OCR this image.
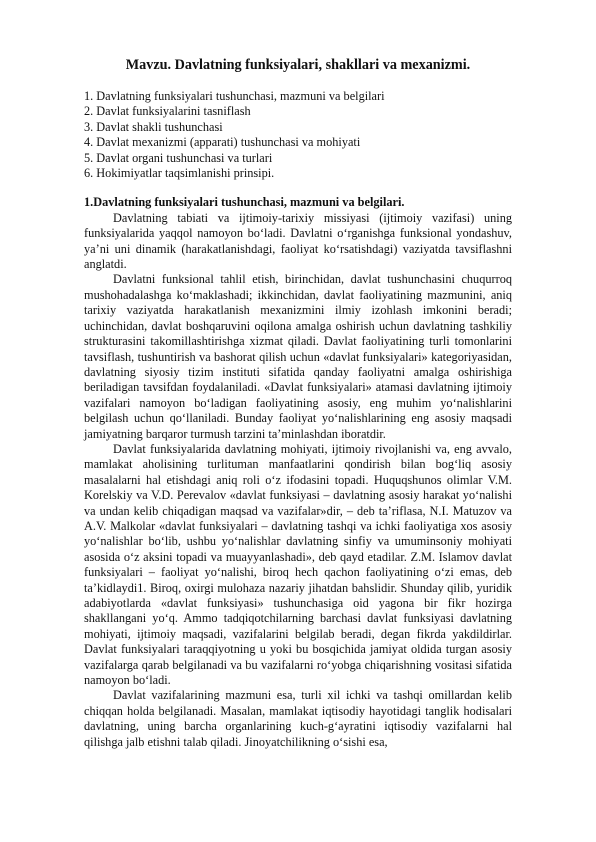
Mavzu. Davlatning funksiyalari, shakllari va mexanizmi.
1. Davlatning funksiyalari tushunchasi, mazmuni va belgilari
2. Davlat funksiyalarini tasniflash
3. Davlat shakli tushunchasi
4. Davlat mexanizmi (apparati) tushunchasi va mohiyati
5. Davlat organi tushunchasi va turlari
6. Hokimiyatlar taqsimlanishi prinsipi.

1.Davlatning funksiyalari tushunchasi, mazmuni va belgilari.

Davlatning tabiati va ijtimoiy-tarixiy missiyasi (ijtimoiy vazifasi) uning funksiyalarida yaqqol namoyon bo‘ladi. Davlatni o‘rganishga funksional yondashuv, ya’ni uni dinamik (harakatlanishdagi, faoliyat ko‘rsatishdagi) vaziyatda tavsiflashni anglatdi.

Davlatni funksional tahlil etish, birinchidan, davlat tushunchasini chuqurroq mushohadalashga ko‘maklashadi; ikkinchidan, davlat faoliyatining mazmunini, aniq tarixiy vaziyatda harakatlanish mexanizmini ilmiy izohlash imkonini beradi; uchinchidan, davlat boshqaruvini oqilona amalga oshirish uchun davlatning tashkiliy strukturasini takomillashtirishga xizmat qiladi. Davlat faoliyatining turli tomonlarini tavsiflash, tushuntirish va bashorat qilish uchun «davlat funksiyalari» kategoriyasidan, davlatning siyosiy tizim instituti sifatida qanday faoliyatni amalga oshirishiga beriladigan tavsifdan foydalaniladi. «Davlat funksiyalari» atamasi davlatning ijtimoiy vazifalari namoyon bo‘ladigan faoliyatining asosiy, eng muhim yo‘nalishlarini belgilash uchun qo‘llaniladi. Bunday faoliyat yo‘nalishlarining eng asosiy maqsadi jamiyatning barqaror turmush tarzini ta’minlashdan iboratdir.

Davlat funksiyalarida davlatning mohiyati, ijtimoiy rivojlanishi va, eng avvalo, mamlakat aholisining turlituman manfaatlarini qondirish bilan bog‘liq asosiy masalalarni hal etishdagi aniq roli o‘z ifodasini topadi. Huquqshunos olimlar V.M. Korelskiy va V.D. Perevalov «davlat funksiyasi – davlatning asosiy harakat yo‘nalishi va undan kelib chiqadigan maqsad va vazifalar»dir, – deb ta’riflasa, N.I. Matuzov va A.V. Malkolar «davlat funksiyalari – davlatning tashqi va ichki faoliyatiga xos asosiy yo‘nalishlar bo‘lib, ushbu yo‘nalishlar davlatning sinfiy va umuminsoniy mohiyati asosida o‘z aksini topadi va muayyanlashadi», deb qayd etadilar. Z.M. Islamov davlat funksiyalari – faoliyat yo‘nalishi, biroq hech qachon faoliyatining o‘zi emas, deb ta’kidlaydi1. Biroq, oxirgi mulohaza nazariy jihatdan bahslidir. Shunday qilib, yuridik adabiyotlarda «davlat funksiyasi» tushunchasiga oid yagona bir fikr hozirga shakllangani yo‘q. Ammo tadqiqotchilarning barchasi davlat funksiyasi davlatning mohiyati, ijtimoiy maqsadi, vazifalarini belgilab beradi, degan fikrda yakdildirlar. Davlat funksiyalari taraqqiyotning u yoki bu bosqichida jamiyat oldida turgan asosiy vazifalarga qarab belgilanadi va bu vazifalarni ro‘yobga chiqarishning vositasi sifatida namoyon bo‘ladi.

Davlat vazifalarining mazmuni esa, turli xil ichki va tashqi omillardan kelib chiqqan holda belgilanadi. Masalan, mamlakat iqtisodiy hayotidagi tanglik hodisalari davlatning, uning barcha organlarining kuch-g‘ayratini iqtisodiy vazifalarni hal qilishga jalb etishni talab qiladi. Jinoyatchilikning o‘sishi esa,
